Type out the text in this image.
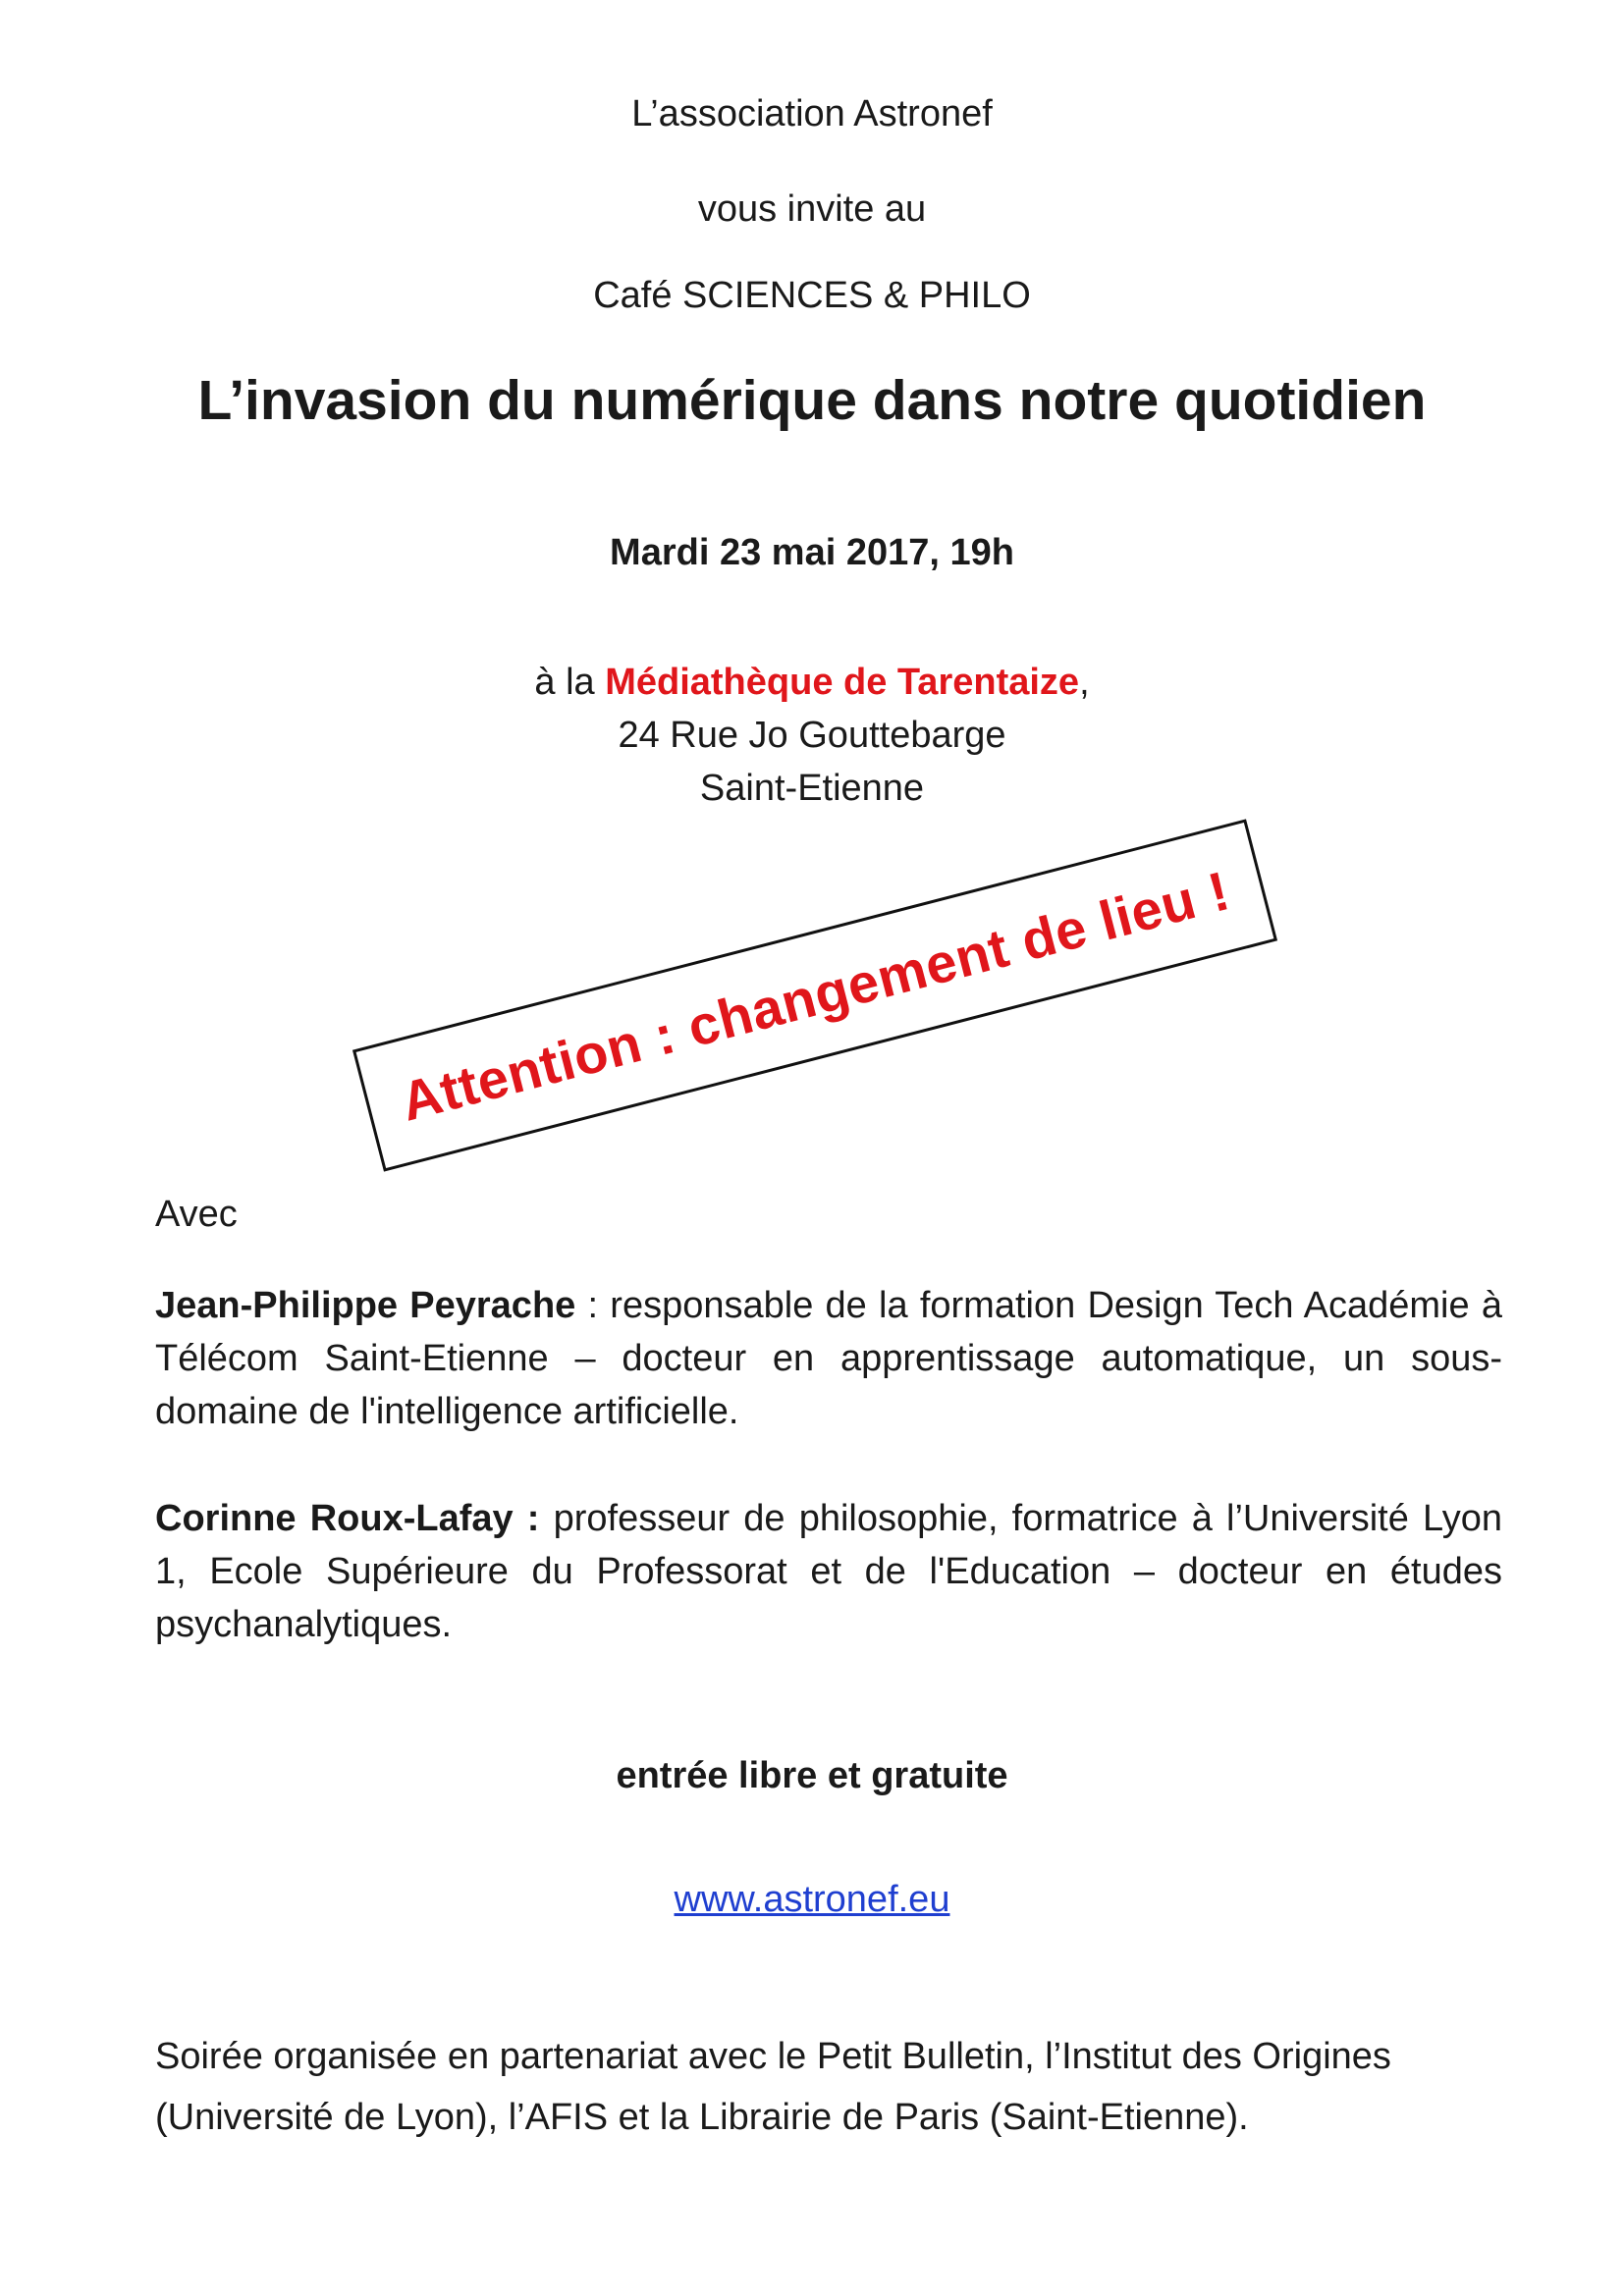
L’association Astronef
vous invite au
Café SCIENCES & PHILO
L’invasion du numérique dans notre quotidien
Mardi 23 mai 2017, 19h
à la Médiathèque de Tarentaize,
24 Rue Jo Gouttebarge
Saint-Etienne
Attention : changement de lieu !
Avec
Jean-Philippe Peyrache : responsable de la formation Design Tech Académie à Télécom Saint-Etienne – docteur en apprentissage automatique, un sous-domaine de l'intelligence artificielle.
Corinne Roux-Lafay : professeur de philosophie, formatrice à l’Université Lyon 1, Ecole Supérieure du Professorat et de l'Education – docteur en études psychanalytiques.
entrée libre et gratuite
www.astronef.eu
Soirée organisée en partenariat avec le Petit Bulletin, l’Institut des Origines (Université de Lyon), l’AFIS et la Librairie de Paris (Saint-Etienne).
